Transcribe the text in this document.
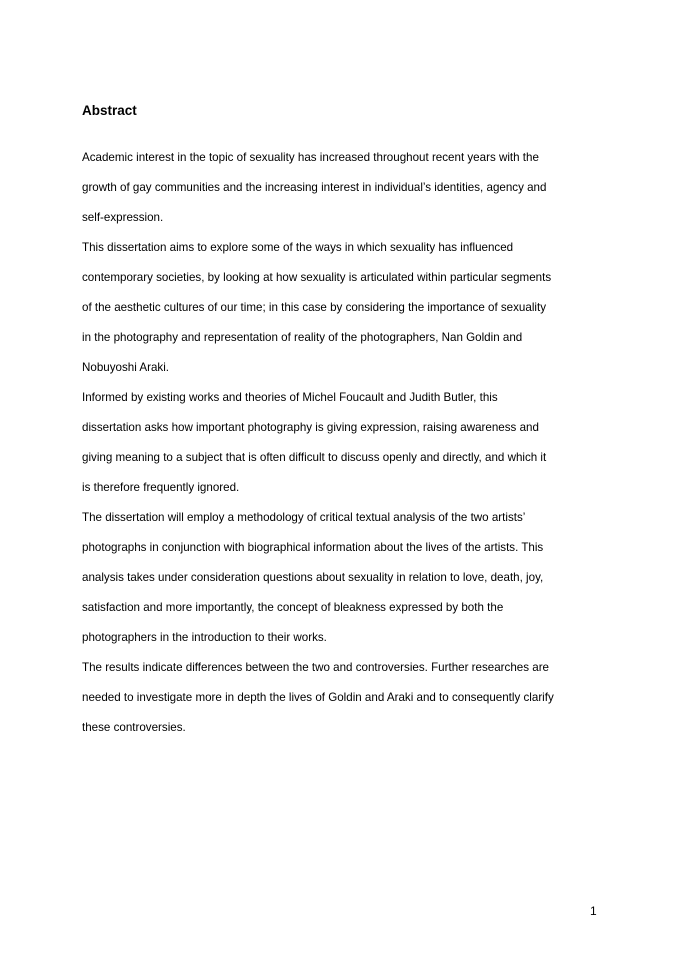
Abstract
Academic interest in the topic of sexuality has increased throughout recent years with the
growth of gay communities and the increasing interest in individual’s identities, agency and
self-expression.
This dissertation aims to explore some of the ways in which sexuality has influenced
contemporary societies, by looking at how sexuality is articulated within particular segments
of the aesthetic cultures of our time; in this case by considering the importance of sexuality
in the photography and representation of reality of the photographers, Nan Goldin and
Nobuyoshi Araki.
Informed by existing works and theories of Michel Foucault and Judith Butler, this
dissertation asks how important photography is giving expression, raising awareness and
giving meaning to a subject that is often difficult to discuss openly and directly, and which it
is therefore frequently ignored.
The dissertation will employ a methodology of critical textual analysis of the two artists’
photographs in conjunction with biographical information about the lives of the artists. This
analysis takes under consideration questions about sexuality in relation to love, death, joy,
satisfaction and more importantly, the concept of bleakness expressed by both the
photographers in the introduction to their works.
The results indicate differences between the two and controversies. Further researches are
needed to investigate more in depth the lives of Goldin and Araki and to consequently clarify
these controversies.
1
